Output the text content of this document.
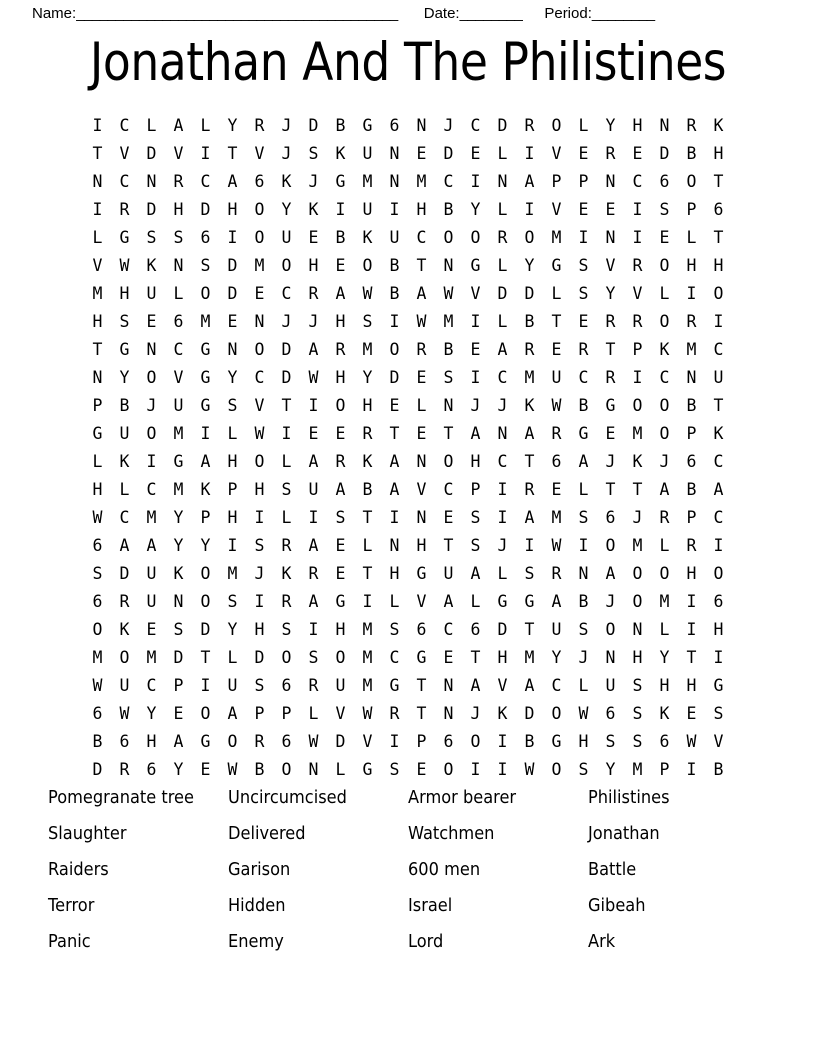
Name: _________________________________________ Date: ________ Period: ________
Jonathan And The Philistines
I	C	L	A	L	Y	R	J	D	B	G	6	N	J	C	D	R	O	L	Y	H	N	R	K
T	V	D	V	I	T	V	J	S	K	U	N	E	D	E	L	I	V	E	R	E	D	B	H
N	C	N	R	C	A	6	K	J	G	M	N	M	C	I	N	A	P	P	N	C	6	O	T
I	R	D	H	D	H	O	Y	K	I	U	I	H	B	Y	L	I	V	E	E	I	S	P	6
L	G	S	S	6	I	O	U	E	B	K	U	C	O	O	R	O	M	I	N	I	E	L	T
V	W	K	N	S	D	M	O	H	E	O	B	T	N	G	L	Y	G	S	V	R	O	H	H
M	H	U	L	O	D	E	C	R	A	W	B	A	W	V	D	D	L	S	Y	V	L	I	O
H	S	E	6	M	E	N	J	J	H	S	I	W	M	I	L	B	T	E	R	R	O	R	I
T	G	N	C	G	N	O	D	A	R	M	O	R	B	E	A	R	E	R	T	P	K	M	C
N	Y	O	V	G	Y	C	D	W	H	Y	D	E	S	I	C	M	U	C	R	I	C	N	U
P	B	J	U	G	S	V	T	I	O	H	E	L	N	J	J	K	W	B	G	O	O	B	T
G	U	O	M	I	L	W	I	E	E	R	T	E	T	A	N	A	R	G	E	M	O	P	K
L	K	I	G	A	H	O	L	A	R	K	A	N	O	H	C	T	6	A	J	K	J	6	C
H	L	C	M	K	P	H	S	U	A	B	A	V	C	P	I	R	E	L	T	T	A	B	A
W	C	M	Y	P	H	I	L	I	S	T	I	N	E	S	I	A	M	S	6	J	R	P	C
6	A	A	Y	Y	I	S	R	A	E	L	N	H	T	S	J	I	W	I	O	M	L	R	I
S	D	U	K	O	M	J	K	R	E	T	H	G	U	A	L	S	R	N	A	O	O	H	O
6	R	U	N	O	S	I	R	A	G	I	L	V	A	L	G	G	A	B	J	O	M	I	6
O	K	E	S	D	Y	H	S	I	H	M	S	6	C	6	D	T	U	S	O	N	L	I	H
M	O	M	D	T	L	D	O	S	O	M	C	G	E	T	H	M	Y	J	N	H	Y	T	I
W	U	C	P	I	U	S	6	R	U	M	G	T	N	A	V	A	C	L	U	S	H	H	G
6	W	Y	E	O	A	P	P	L	V	W	R	T	N	J	K	D	O	W	6	S	K	E	S
B	6	H	A	G	O	R	6	W	D	V	I	P	6	O	I	B	G	H	S	S	6	W	V
D	R	6	Y	E	W	B	O	N	L	G	S	E	O	I	I	W	O	S	Y	M	P	I	B
Pomegranate tree	Uncircumcised	Armor bearer	Philistines
Slaughter	Delivered	Watchmen	Jonathan
Raiders	Garison	600 men	Battle
Terror	Hidden	Israel	Gibeah
Panic	Enemy	Lord	Ark
